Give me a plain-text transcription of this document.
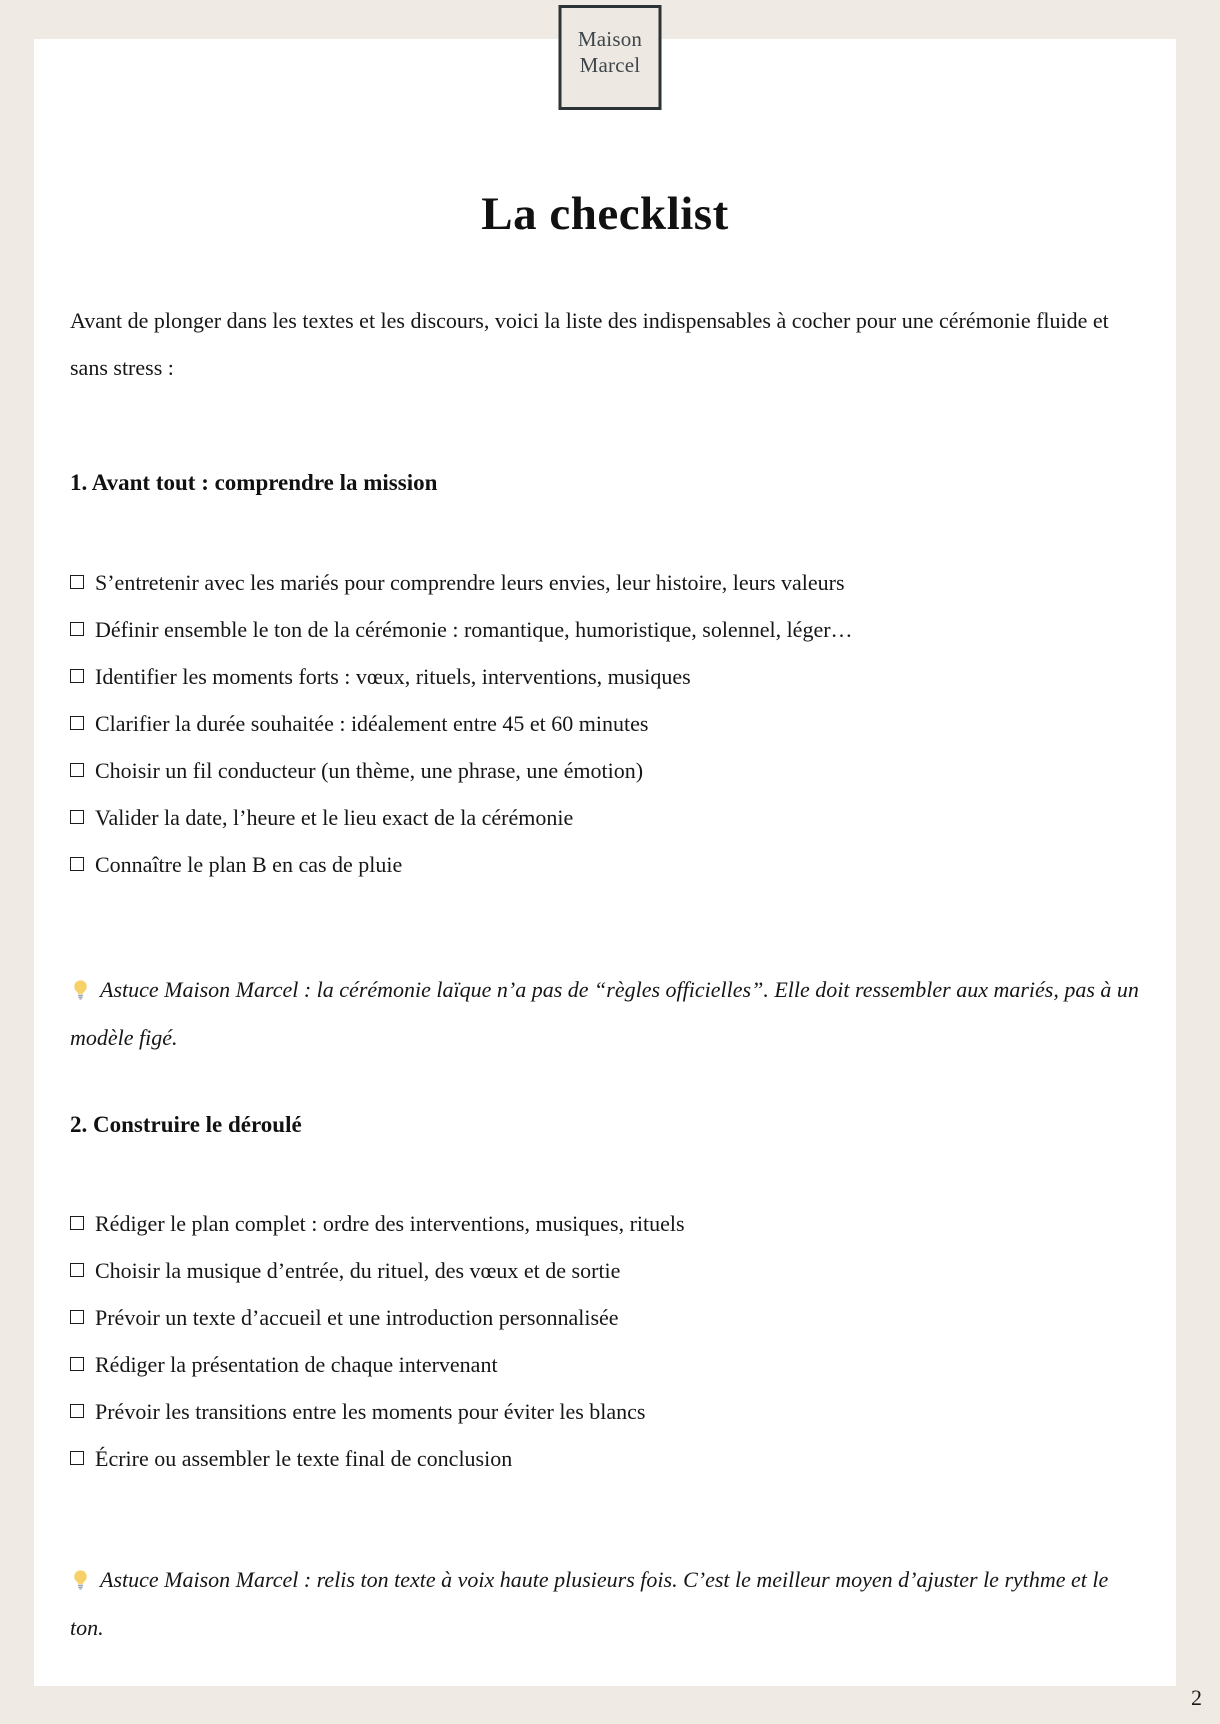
La checklist

Avant de plonger dans les textes et les discours, voici la liste des indispensables à cocher pour une cérémonie fluide et sans stress :

1. Avant tout : comprendre la mission
S’entretenir avec les mariés pour comprendre leurs envies, leur histoire, leurs valeurs
Définir ensemble le ton de la cérémonie : romantique, humoristique, solennel, léger…
Identifier les moments forts : vœux, rituels, interventions, musiques
Clarifier la durée souhaitée : idéalement entre 45 et 60 minutes
Choisir un fil conducteur (un thème, une phrase, une émotion)
Valider la date, l’heure et le lieu exact de la cérémonie
Connaître le plan B en cas de pluie

Astuce Maison Marcel : la cérémonie laïque n’a pas de “règles officielles”. Elle doit ressembler aux mariés, pas à un modèle figé.

2. Construire le déroulé
Rédiger le plan complet : ordre des interventions, musiques, rituels
Choisir la musique d’entrée, du rituel, des vœux et de sortie
Prévoir un texte d’accueil et une introduction personnalisée
Rédiger la présentation de chaque intervenant
Prévoir les transitions entre les moments pour éviter les blancs
Écrire ou assembler le texte final de conclusion

Astuce Maison Marcel : relis ton texte à voix haute plusieurs fois. C’est le meilleur moyen d’ajuster le rythme et le ton.

Maison
Marcel
2
